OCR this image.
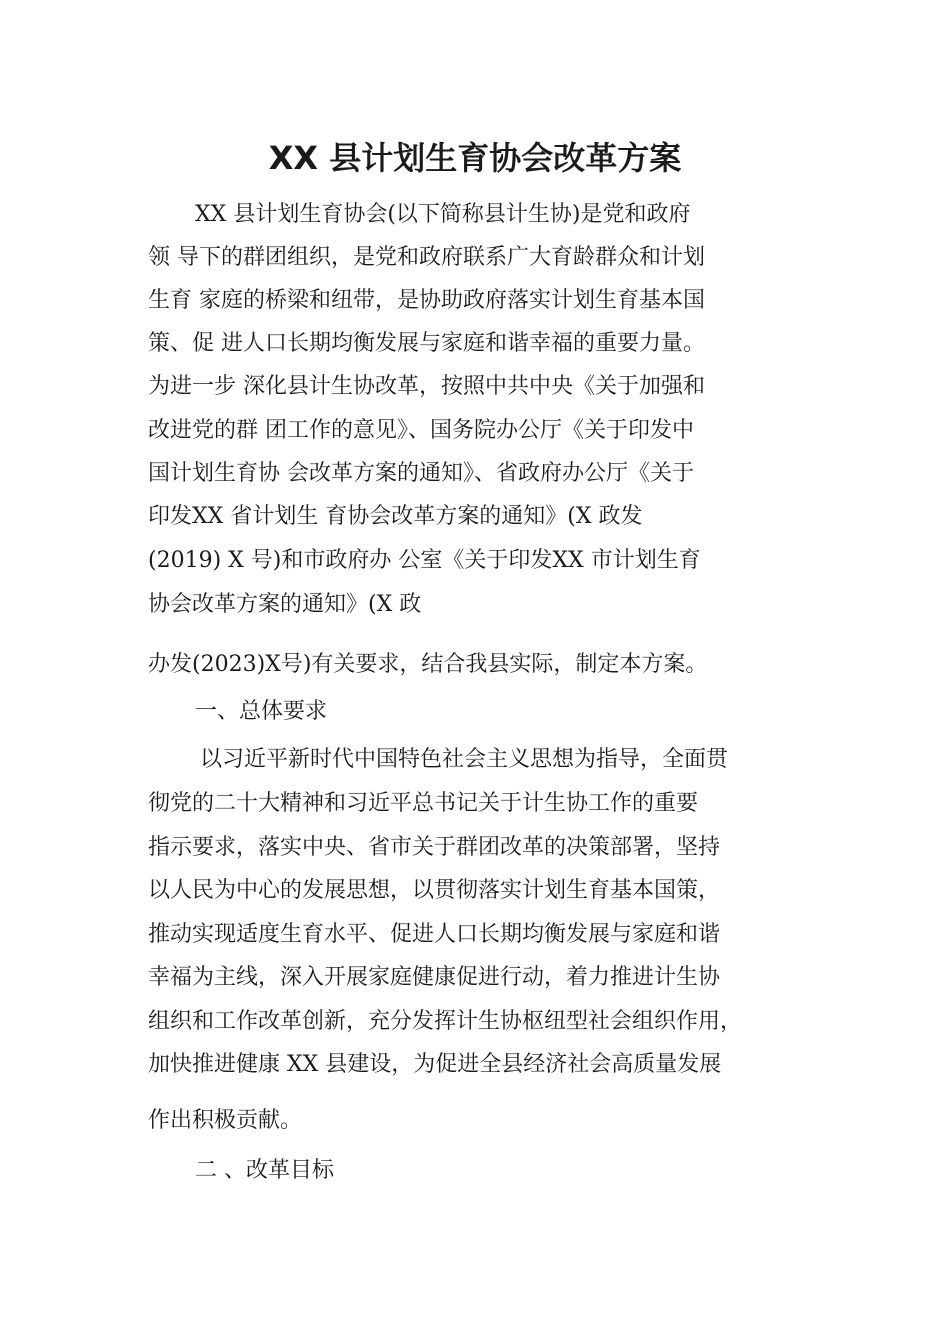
XX 县计划生育协会改革方案

XX 县计划生育协会(以下简称县计生协)是党和政府

领 导下的群团组织，是党和政府联系广大育龄群众和计划

生育 家庭的桥梁和纽带，是协助政府落实计划生育基本国

策、促 进人口长期均衡发展与家庭和谐幸福的重要力量。

为进一步 深化县计生协改革，按照中共中央《关于加强和

改进党的群 团工作的意见》、国务院办公厅《关于印发中

国计划生育协 会改革方案的通知》、省政府办公厅《关于

印发XX 省计划生 育协会改革方案的通知》(X 政发

(2019) X 号)和市政府办 公室《关于印发XX 市计划生育

协会改革方案的通知》(X 政

办发(2023)X号)有关要求，结合我县实际，制定本方案。

一、总体要求

以习近平新时代中国特色社会主义思想为指导，全面贯

彻党的二十大精神和习近平总书记关于计生协工作的重要

指示要求，落实中央、省市关于群团改革的决策部署，坚持

以人民为中心的发展思想，以贯彻落实计划生育基本国策，

推动实现适度生育水平、促进人口长期均衡发展与家庭和谐

幸福为主线，深入开展家庭健康促进行动，着力推进计生协

组织和工作改革创新，充分发挥计生协枢纽型社会组织作用，

加快推进健康 XX 县建设，为促进全县经济社会高质量发展

作出积极贡献。

二 、改革目标
